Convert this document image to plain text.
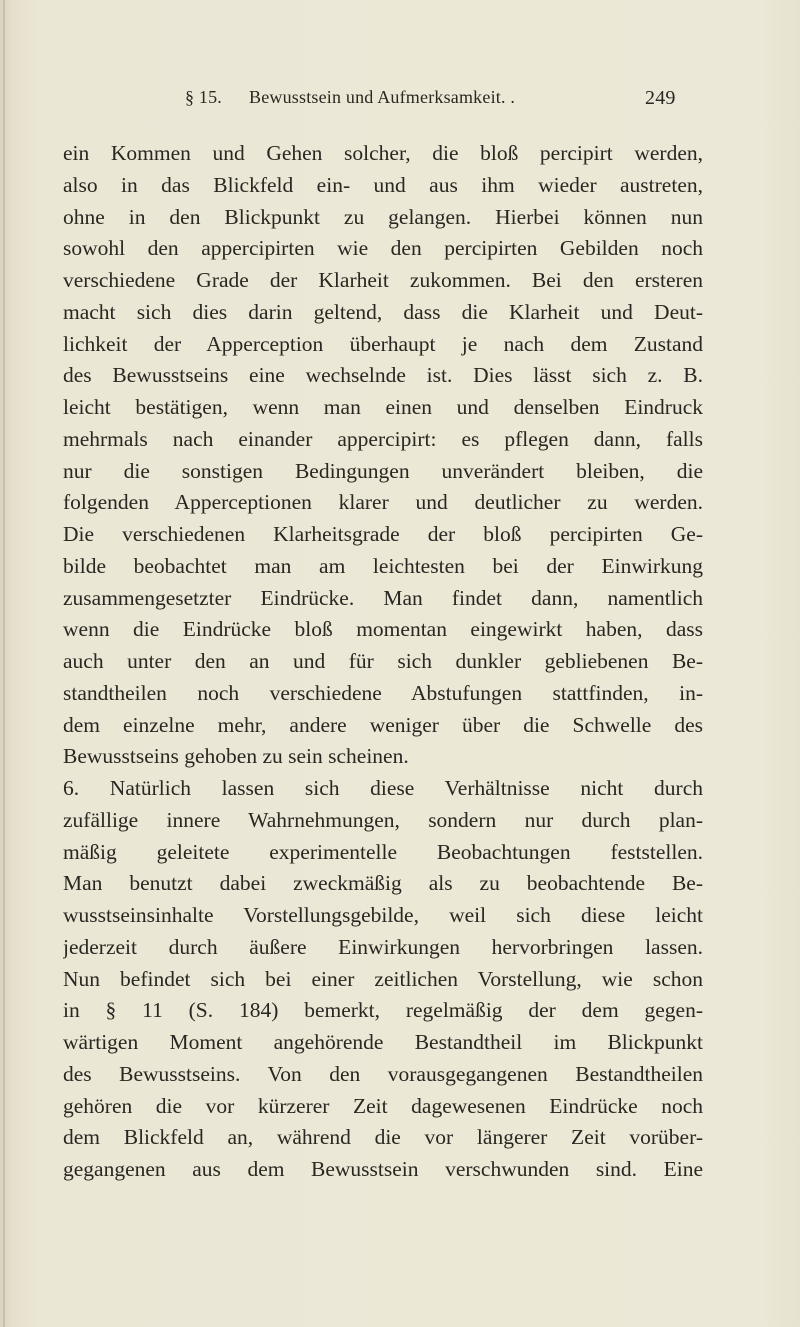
§ 15. Bewusstsein und Aufmerksamkeit. .	249
ein Kommen und Gehen solcher, die bloß percipirt werden,
also in das Blickfeld ein- und aus ihm wieder austreten,
ohne in den Blickpunkt zu gelangen. Hierbei können nun
sowohl den appercipirten wie den percipirten Gebilden noch
verschiedene Grade der Klarheit zukommen. Bei den ersteren
macht sich dies darin geltend, dass die Klarheit und Deut-
lichkeit der Apperception überhaupt je nach dem Zustand
des Bewusstseins eine wechselnde ist. Dies lässt sich z. B.
leicht bestätigen, wenn man einen und denselben Eindruck
mehrmals nach einander appercipirt: es pflegen dann, falls
nur die sonstigen Bedingungen unverändert bleiben, die
folgenden Apperceptionen klarer und deutlicher zu werden.
Die verschiedenen Klarheitsgrade der bloß percipirten Ge-
bilde beobachtet man am leichtesten bei der Einwirkung
zusammengesetzter Eindrücke. Man findet dann, namentlich
wenn die Eindrücke bloß momentan eingewirkt haben, dass
auch unter den an und für sich dunkler gebliebenen Be-
standtheilen noch verschiedene Abstufungen stattfinden, in-
dem einzelne mehr, andere weniger über die Schwelle des
Bewusstseins gehoben zu sein scheinen.
6. Natürlich lassen sich diese Verhältnisse nicht durch
zufällige innere Wahrnehmungen, sondern nur durch plan-
mäßig geleitete experimentelle Beobachtungen feststellen.
Man benutzt dabei zweckmäßig als zu beobachtende Be-
wusstseinsinhalte Vorstellungsgebilde, weil sich diese leicht
jederzeit durch äußere Einwirkungen hervorbringen lassen.
Nun befindet sich bei einer zeitlichen Vorstellung, wie schon
in § 11 (S. 184) bemerkt, regelmäßig der dem gegen-
wärtigen Moment angehörende Bestandtheil im Blickpunkt
des Bewusstseins. Von den vorausgegangenen Bestandtheilen
gehören die vor kürzerer Zeit dagewesenen Eindrücke noch
dem Blickfeld an, während die vor längerer Zeit vorüber-
gegangenen aus dem Bewusstsein verschwunden sind. Eine
